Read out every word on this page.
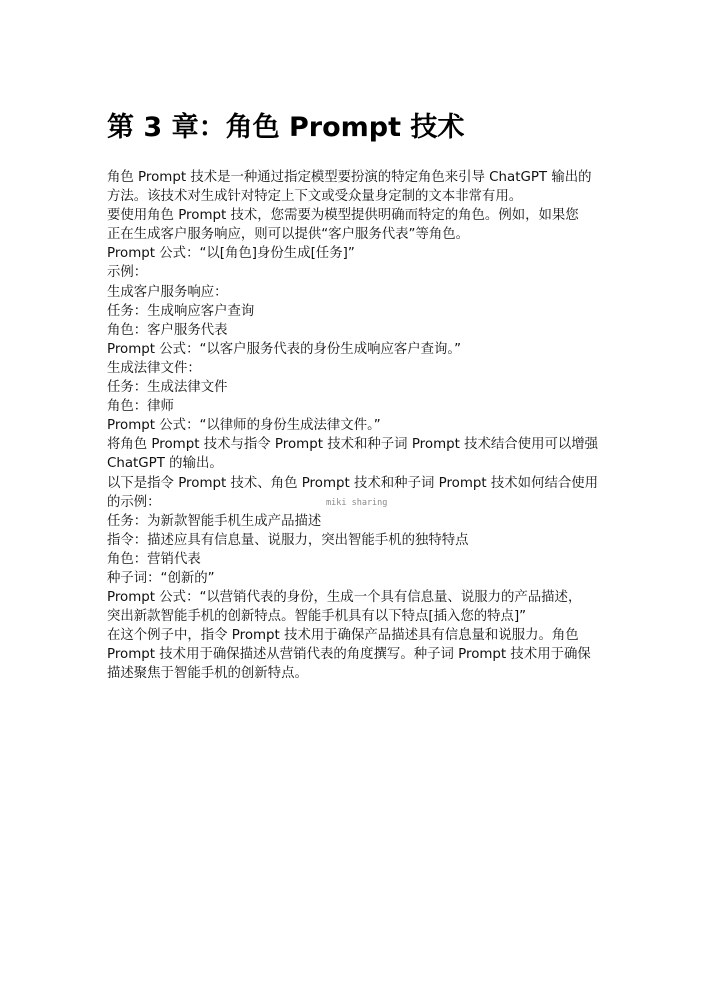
第 3 章：角色 Prompt 技术
角色 Prompt 技术是一种通过指定模型要扮演的特定角色来引导 ChatGPT 输出的
方法。该技术对生成针对特定上下文或受众量身定制的文本非常有用。
要使用角色 Prompt 技术，您需要为模型提供明确而特定的角色。例如，如果您
正在生成客户服务响应，则可以提供“客户服务代表”等角色。
Prompt 公式：“以[角色]身份生成[任务]”
示例：
生成客户服务响应：
任务：生成响应客户查询
角色：客户服务代表
Prompt 公式：“以客户服务代表的身份生成响应客户查询。”
生成法律文件：
任务：生成法律文件
角色：律师
Prompt 公式：“以律师的身份生成法律文件。”
将角色 Prompt 技术与指令 Prompt 技术和种子词 Prompt 技术结合使用可以增强
ChatGPT 的输出。
以下是指令 Prompt 技术、角色 Prompt 技术和种子词 Prompt 技术如何结合使用
的示例：
任务：为新款智能手机生成产品描述
指令：描述应具有信息量、说服力，突出智能手机的独特特点
角色：营销代表
种子词：“创新的”
Prompt 公式：“以营销代表的身份，生成一个具有信息量、说服力的产品描述，
突出新款智能手机的创新特点。智能手机具有以下特点[插入您的特点]”
在这个例子中，指令 Prompt 技术用于确保产品描述具有信息量和说服力。角色
Prompt 技术用于确保描述从营销代表的角度撰写。种子词 Prompt 技术用于确保
描述聚焦于智能手机的创新特点。
miki sharing
